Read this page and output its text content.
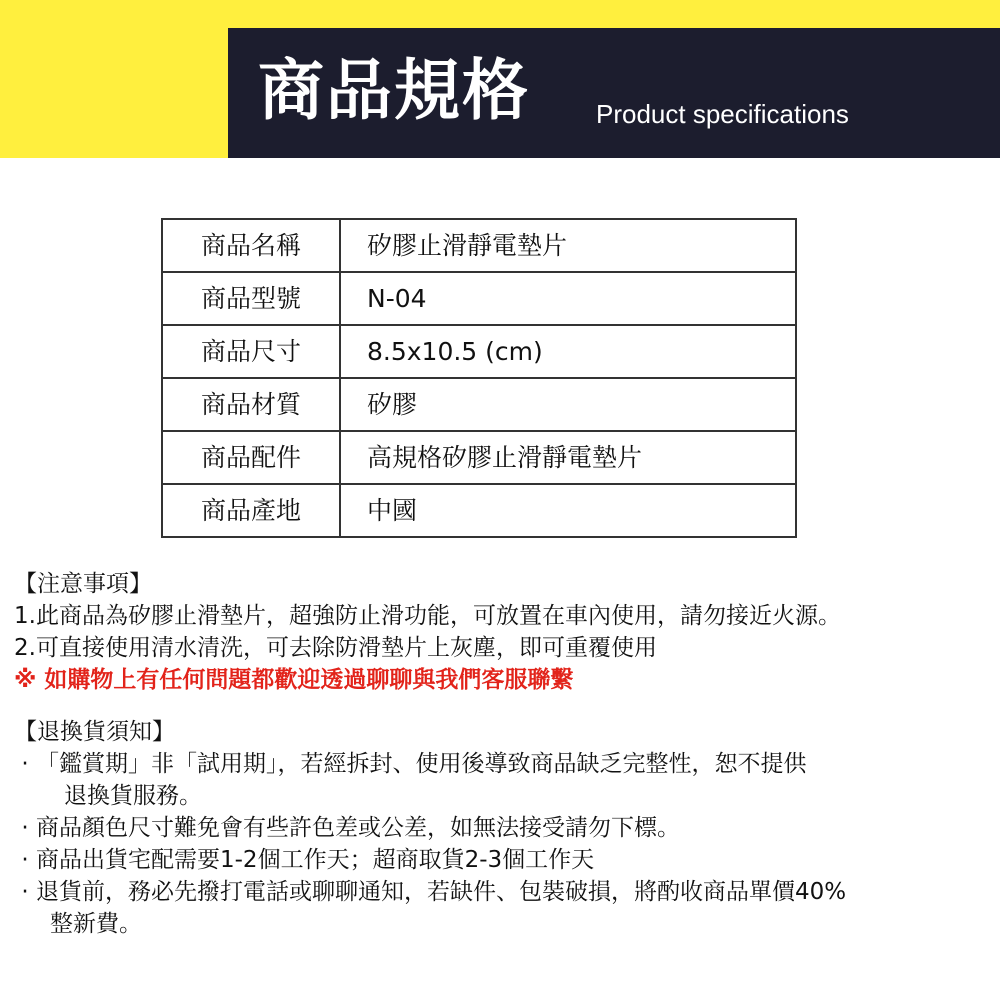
商品規格	Product specifications
商品名稱	矽膠止滑靜電墊片
商品型號	N-04
商品尺寸	8.5x10.5 (cm)
商品材質	矽膠
商品配件	高規格矽膠止滑靜電墊片
商品產地	中國
【注意事項】
1.此商品為矽膠止滑墊片，超強防止滑功能，可放置在車內使用，請勿接近火源。
2.可直接使用清水清洗，可去除防滑墊片上灰塵，即可重覆使用
※ 如購物上有任何問題都歡迎透過聊聊與我們客服聯繫
【退換貨須知】
· 「鑑賞期」非「試用期」，若經拆封、使用後導致商品缺乏完整性，恕不提供
退換貨服務。
· 商品顏色尺寸難免會有些許色差或公差，如無法接受請勿下標。
· 商品出貨宅配需要1-2個工作天；超商取貨2-3個工作天
· 退貨前，務必先撥打電話或聊聊通知，若缺件、包裝破損，將酌收商品單價40%
整新費。
